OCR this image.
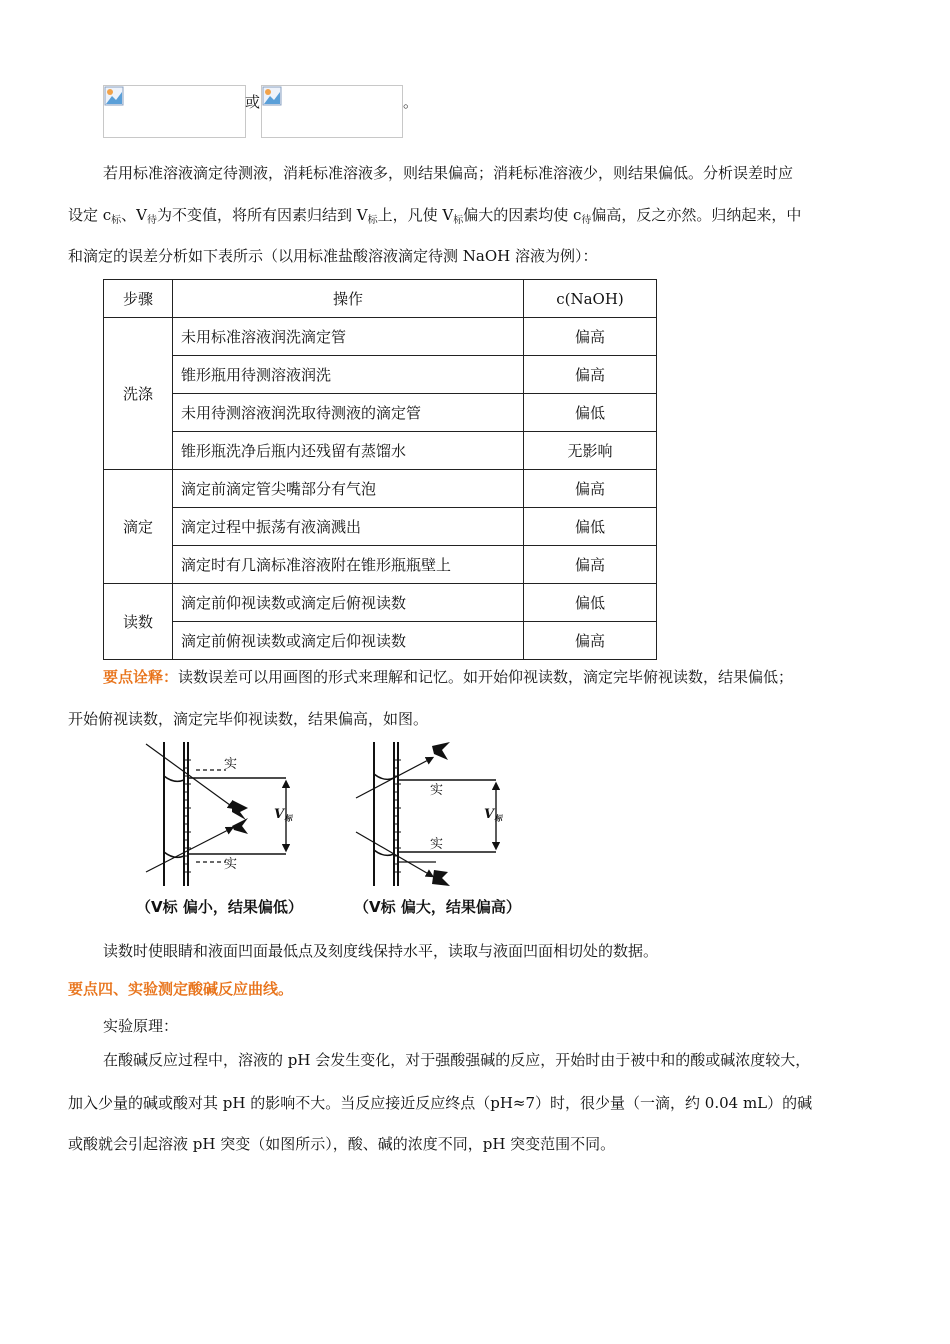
或	。
若用标准溶液滴定待测液，消耗标准溶液多，则结果偏高；消耗标准溶液少，则结果偏低。分析误差时应
设定 $c_标$、$V_待$为不变值，将所有因素归结到 $V_标$上，凡使 $V_标$偏大的因素均使 $c_待$偏高，反之亦然。归纳起来，中
和滴定的误差分析如下表所示（以用标准盐酸溶液滴定待测 NaOH 溶液为例）：
步骤	操作	c(NaOH)
洗涤	未用标准溶液润洗滴定管	偏高
	锥形瓶用待测溶液润洗	偏高
	未用待测溶液润洗取待测液的滴定管	偏低
	锥形瓶洗净后瓶内还残留有蒸馏水	无影响
滴定	滴定前滴定管尖嘴部分有气泡	偏高
	滴定过程中振荡有液滴溅出	偏低
	滴定时有几滴标准溶液附在锥形瓶瓶壁上	偏高
读数	滴定前仰视读数或滴定后俯视读数	偏低
	滴定前俯视读数或滴定后仰视读数	偏高
要点诠释：读数误差可以用画图的形式来理解和记忆。如开始仰视读数，滴定完毕俯视读数，结果偏低；
开始俯视读数，滴定完毕仰视读数，结果偏高，如图。
实
实
$V_标$
实
实
$V_标$
（V标 偏小，结果偏低）	（V标 偏大，结果偏高）
读数时使眼睛和液面凹面最低点及刻度线保持水平，读取与液面凹面相切处的数据。
要点四、实验测定酸碱反应曲线。
实验原理：
在酸碱反应过程中，溶液的 pH 会发生变化，对于强酸强碱的反应，开始时由于被中和的酸或碱浓度较大，
加入少量的碱或酸对其 pH 的影响不大。当反应接近反应终点（pH≈7）时，很少量（一滴，约 0.04 mL）的碱
或酸就会引起溶液 pH 突变（如图所示），酸、碱的浓度不同，pH 突变范围不同。
